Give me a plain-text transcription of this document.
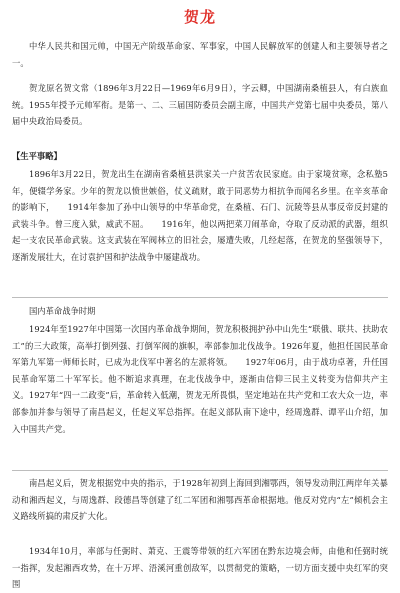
贺龙

中华人民共和国元帅，中国无产阶级革命家、军事家，中国人民解放军的创建人和主要领导者之一。

贺龙原名贺文常（1896年3月22日—1969年6月9日），字云卿，中国湖南桑植县人，有白族血统。1955年授予元帅军衔。是第一、二、三届国防委员会副主席，中国共产党第七届中央委员，第八届中央政治局委员。

【生平事略】

1896年3月22日，贺龙出生在湖南省桑植县洪家关一户贫苦农民家庭。由于家境贫寒，念私塾5年，便辍学务家。少年的贺龙以愤世嫉俗，仗义疏财，敢于同恶势力相抗争而闻名乡里。在辛亥革命的影响下，　　1914年参加了孙中山领导的中华革命党，在桑植、石门、沅陵等县从事反帝反封建的武装斗争。曾三度入狱，威武不屈。　　1916年，他以两把菜刀闹革命，夺取了反动派的武器，组织起一支农民革命武装。这支武装在军阀林立的旧社会，屡遭失败，几经起落，在贺龙的坚强领导下，逐渐发展壮大，在讨袁护国和护法战争中屡建战功。

国内革命战争时期

1924年至1927年中国第一次国内革命战争期间，贺龙积极拥护孙中山先生“联俄、联共、扶助农工”的三大政策，高举打倒列强、打倒军阀的旗帜，率部参加北伐战争。1926年夏，他担任国民革命军第九军第一师师长时，已成为北伐军中著名的左派将领。　　1927年06月，由于战功卓著，升任国民革命军第二十军军长。他不断追求真理，在北伐战争中，逐渐由信仰三民主义转变为信仰共产主义。1927年“四一二政变”后，革命转入低潮，贺龙无所畏惧，坚定地站在共产党和工农大众一边，率部参加并参与领导了南昌起义，任起义军总指挥。在起义部队南下途中，经周逸群、谭平山介绍，加入中国共产党。

南昌起义后，贺龙根据党中央的指示，于1928年初到上海回到湘鄂西，领导发动荆江两岸年关暴动和湘西起义，与周逸群、段德昌等创建了红二军团和湘鄂西革命根据地。他反对党内“左”倾机会主义路线所搞的肃反扩大化。

1934年10月，率部与任弼时、萧克、王震等带领的红六军团在黔东边境会师，由他和任弼时统一指挥，发起湘西攻势，在十万坪、浯溪河重创敌军，以贯彻党的策略，一切方面支援中央红军的突围
